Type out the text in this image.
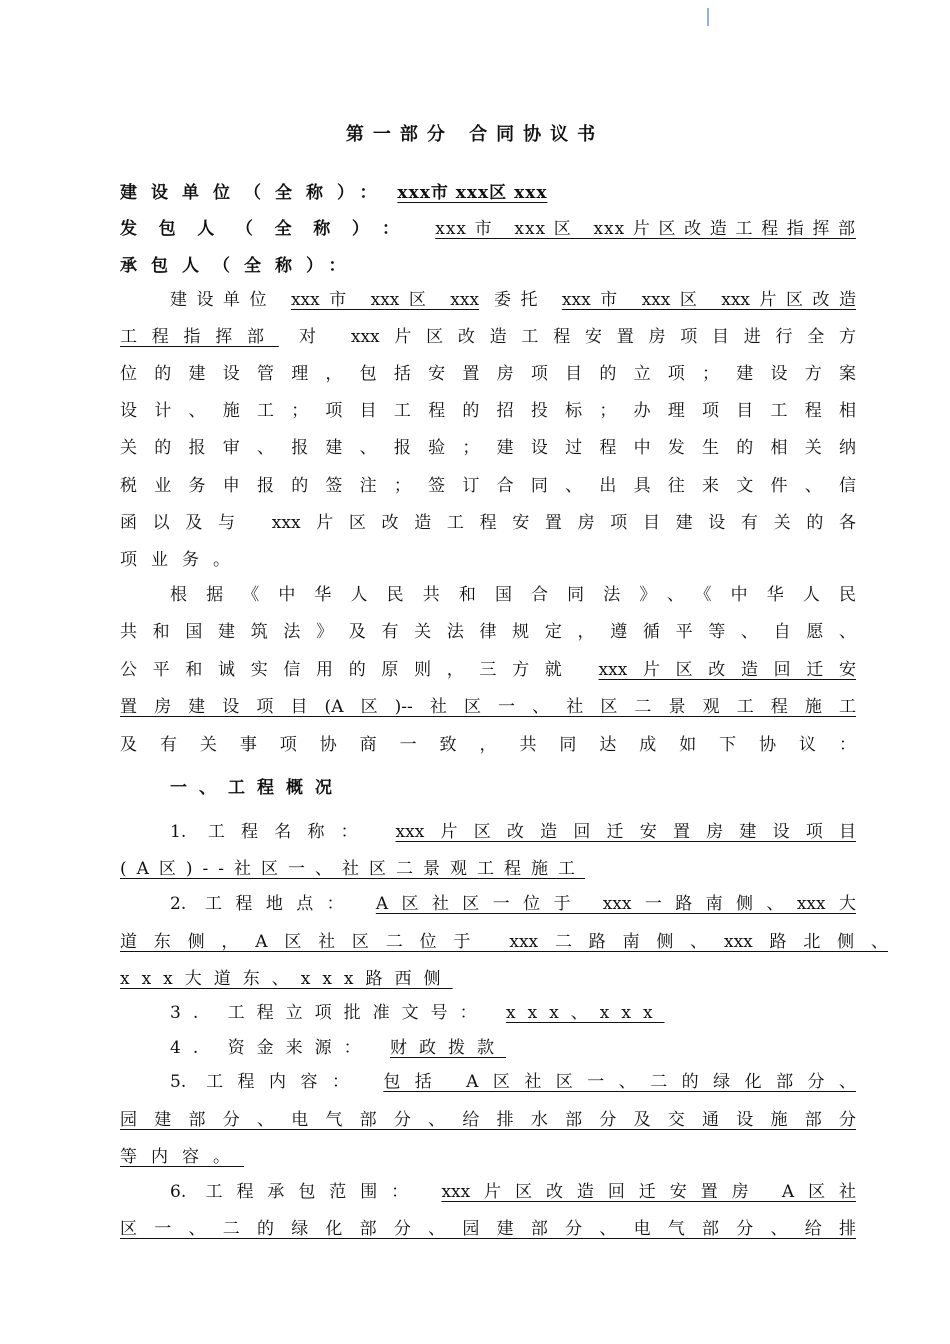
第一部分 合同协议书
建设单位（全称）： xxx市 xxx区 xxx
发包人（全称）： xxx市 xxx区 xxx片区改造工程指挥部
承包人（全称）：
建设单位 xxx市 xxx区 xxx 委托 xxx市 xxx区 xxx片区改造
工程指挥部 对 xxx片区改造工程安置房项目进行全方
位的建设管理，包括安置房项目的立项；建设方案
设计、施工；项目工程的招投标；办理项目工程相
关的报审、报建、报验；建设过程中发生的相关纳
税业务申报的签注；签订合同、出具往来文件、信
函以及与 xxx片区改造工程安置房项目建设有关的各
项业务。
根据《中华人民共和国合同法》、《中华人民
共和国建筑法》及有关法律规定，遵循平等、自愿、
公平和诚实信用的原则，三方就 xxx片区改造回迁安
置房建设项目(A区)--社区一、社区二景观工程施工
及有关事项协商一致，共同达成如下协议：
一、工程概况
1. 工程名称： xxx片区改造回迁安置房建设项目
(A区)--社区一、社区二景观工程施工
2. 工程地点： A区社区一位于 xxx一路南侧、xxx大
道东侧，A区社区二位于 xxx二路南侧、xxx路北侧、
xxx大道东、xxx路西侧
3. 工程立项批准文号： xxx、xxx
4. 资金来源： 财政拨款
5. 工程内容： 包括 A区社区一、二的绿化部分、
园建部分、电气部分、给排水部分及交通设施部分
等内容。
6. 工程承包范围： xxx片区改造回迁安置房 A区社
区一、二的绿化部分、园建部分、电气部分、给排
